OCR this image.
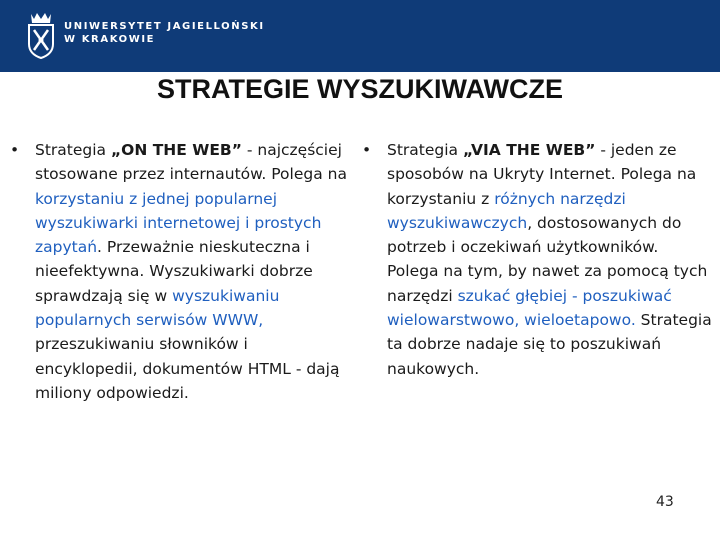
UNIWERSYTET JAGIELLOŃSKI
W KRAKOWIE
STRATEGIE WYSZUKIWAWCZE
• Strategia „ON THE WEB” - najczęściej stosowane przez internautów. Polega na korzystaniu z jednej popularnej wyszukiwarki internetowej i prostych zapytań. Przeważnie nieskuteczna i nieefektywna. Wyszukiwarki dobrze sprawdzają się w wyszukiwaniu popularnych serwisów WWW, przeszukiwaniu słowników i encyklopedii, dokumentów HTML - dają miliony odpowiedzi.
• Strategia „VIA THE WEB” - jeden ze sposobów na Ukryty Internet. Polega na korzystaniu z różnych narzędzi wyszukiwawczych, dostosowanych do potrzeb i oczekiwań użytkowników. Polega na tym, by nawet za pomocą tych narzędzi szukać głębiej - poszukiwać wielowarstwowo, wieloetapowo. Strategia ta dobrze nadaje się to poszukiwań naukowych.
43
